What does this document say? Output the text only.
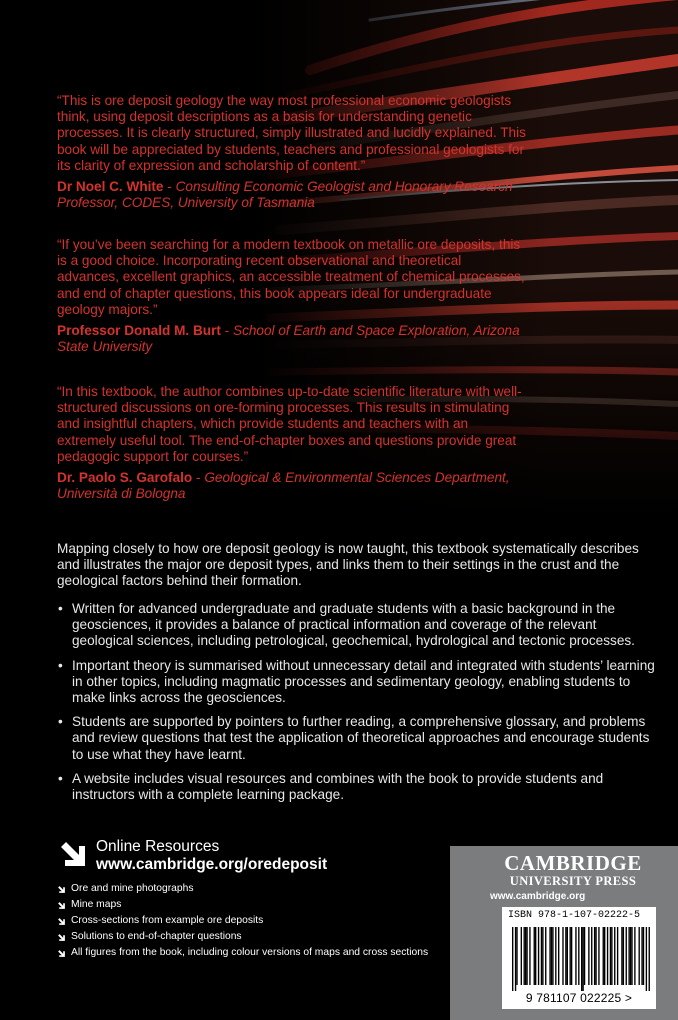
“This is ore deposit geology the way most professional economic geologists think, using deposit descriptions as a basis for understanding genetic processes. It is clearly structured, simply illustrated and lucidly explained. This book will be appreciated by students, teachers and professional geologists for its clarity of expression and scholarship of content.”

Dr Noel C. White - Consulting Economic Geologist and Honorary Research Professor, CODES, University of Tasmania

“If you’ve been searching for a modern textbook on metallic ore deposits, this is a good choice. Incorporating recent observational and theoretical advances, excellent graphics, an accessible treatment of chemical processes, and end of chapter questions, this book appears ideal for undergraduate geology majors.”

Professor Donald M. Burt - School of Earth and Space Exploration, Arizona State University

“In this textbook, the author combines up-to-date scientific literature with well-structured discussions on ore-forming processes. This results in stimulating and insightful chapters, which provide students and teachers with an extremely useful tool. The end-of-chapter boxes and questions provide great pedagogic support for courses.”

Dr. Paolo S. Garofalo - Geological & Environmental Sciences Department, Università di Bologna

Mapping closely to how ore deposit geology is now taught, this textbook systematically describes and illustrates the major ore deposit types, and links them to their settings in the crust and the geological factors behind their formation.

• Written for advanced undergraduate and graduate students with a basic background in the geosciences, it provides a balance of practical information and coverage of the relevant geological sciences, including petrological, geochemical, hydrological and tectonic processes.
• Important theory is summarised without unnecessary detail and integrated with students’ learning in other topics, including magmatic processes and sedimentary geology, enabling students to make links across the geosciences.
• Students are supported by pointers to further reading, a comprehensive glossary, and problems and review questions that test the application of theoretical approaches and encourage students to use what they have learnt.
• A website includes visual resources and combines with the book to provide students and instructors with a complete learning package.
Online Resources
www.cambridge.org/oredeposit
Ore and mine photographs
Mine maps
Cross-sections from example ore deposits
Solutions to end-of-chapter questions
All figures from the book, including colour versions of maps and cross sections
CAMBRIDGE
UNIVERSITY PRESS
www.cambridge.org
ISBN 978-1-107-02222-5
9 781107 022225 >
